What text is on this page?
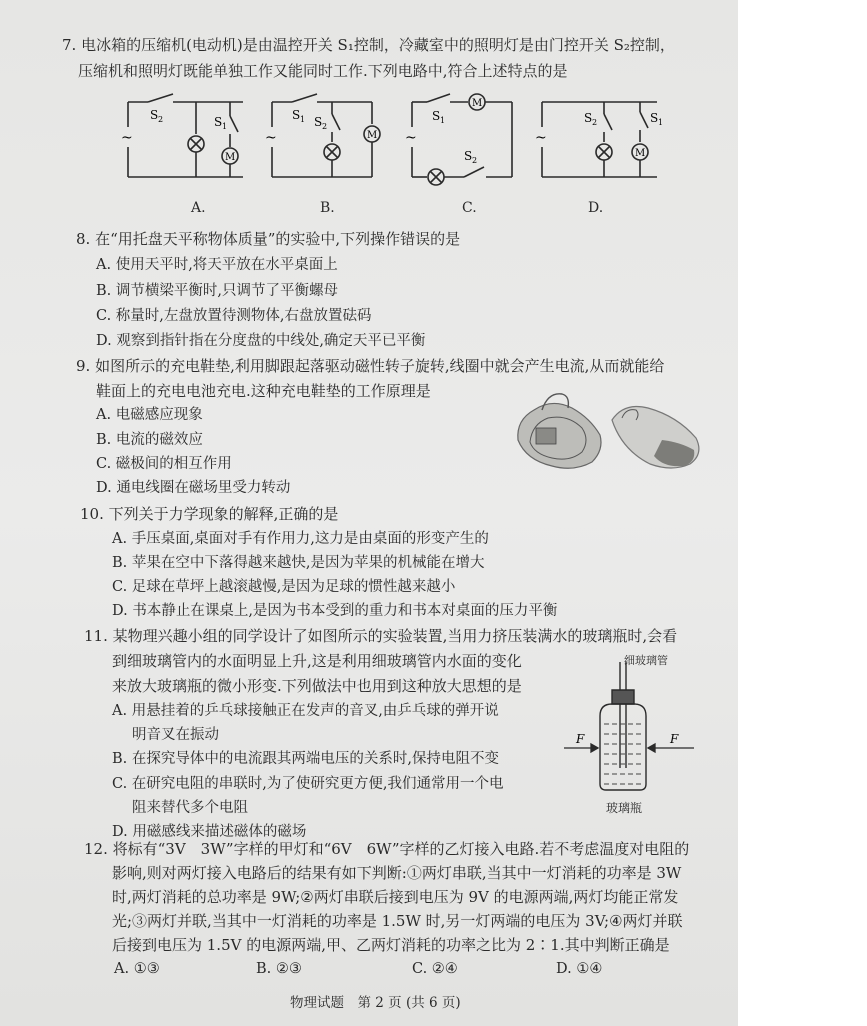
7. 电冰箱的压缩机(电动机)是由温控开关 S₁控制，冷藏室中的照明灯是由门控开关 S₂控制，
压缩机和照明灯既能单独工作又能同时工作.下列电路中,符合上述特点的是
~
S 2	S 1
M
~
S 1 S 2
M ~
S 1
M
S 2
~
S 2	S 1
M
A.	B.	C.	D.
8. 在“用托盘天平称物体质量”的实验中,下列操作错误的是
A. 使用天平时,将天平放在水平桌面上
B. 调节横梁平衡时,只调节了平衡螺母
C. 称量时,左盘放置待测物体,右盘放置砝码
D. 观察到指针指在分度盘的中线处,确定天平已平衡
9. 如图所示的充电鞋垫,利用脚跟起落驱动磁性转子旋转,线圈中就会产生电流,从而就能给
鞋面上的充电电池充电.这种充电鞋垫的工作原理是
A. 电磁感应现象
B. 电流的磁效应
C. 磁极间的相互作用
D. 通电线圈在磁场里受力转动
10. 下列关于力学现象的解释,正确的是
A. 手压桌面,桌面对手有作用力,这力是由桌面的形变产生的
B. 苹果在空中下落得越来越快,是因为苹果的机械能在增大
C. 足球在草坪上越滚越慢,是因为足球的惯性越来越小
D. 书本静止在课桌上,是因为书本受到的重力和书本对桌面的压力平衡
11. 某物理兴趣小组的同学设计了如图所示的实验装置,当用力挤压装满水的玻璃瓶时,会看
到细玻璃管内的水面明显上升,这是利用细玻璃管内水面的变化
来放大玻璃瓶的微小形变.下列做法中也用到这种放大思想的是
A. 用悬挂着的乒乓球接触正在发声的音叉,由乒乓球的弹开说
明音叉在振动
B. 在探究导体中的电流跟其两端电压的关系时,保持电阻不变
C. 在研究电阻的串联时,为了使研究更方便,我们通常用一个电
阻来替代多个电阻
D. 用磁感线来描述磁体的磁场
细玻璃管
F	F
玻璃瓶
12. 将标有“3V　3W”字样的甲灯和“6V　6W”字样的乙灯接入电路.若不考虑温度对电阻的
影响,则对两灯接入电路后的结果有如下判断:①两灯串联,当其中一灯消耗的功率是 3W
时,两灯消耗的总功率是 9W;②两灯串联后接到电压为 9V 的电源两端,两灯均能正常发
光;③两灯并联,当其中一灯消耗的功率是 1.5W 时,另一灯两端的电压为 3V;④两灯并联
后接到电压为 1.5V 的电源两端,甲、乙两灯消耗的功率之比为 2∶1.其中判断正确是
A. ①③	B. ②③	C. ②④	D. ①④
物理试题　第 2 页 (共 6 页)
